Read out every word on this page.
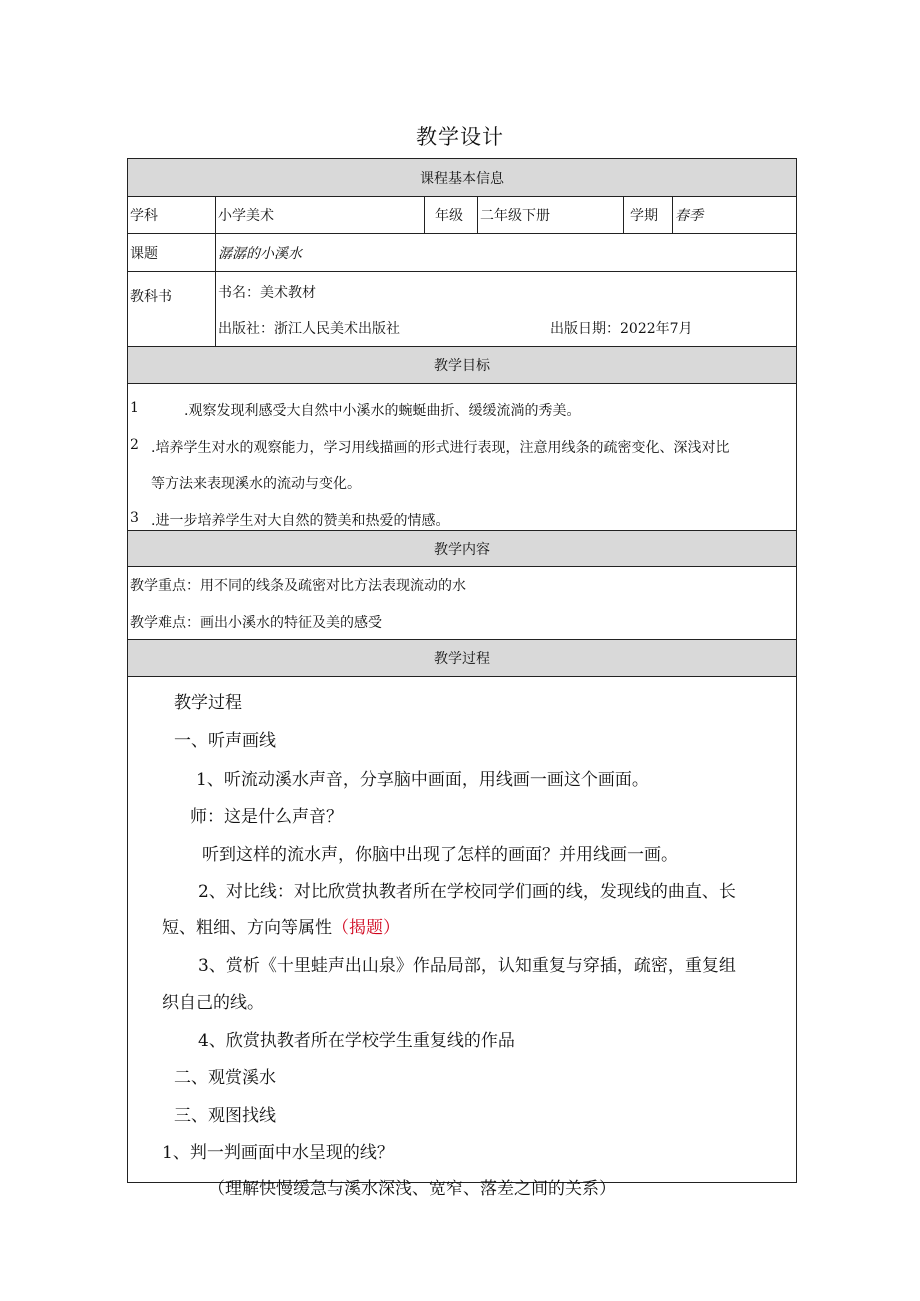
教学设计
课程基本信息
学科	小学美术	年级	二年级下册	学期	春季
课题	潺潺的小溪水
教科书	书名：美术教材
出版社：浙江人民美术出版社	出版日期：2022年7月
教学目标
1	.观察发现利感受大自然中小溪水的蜿蜒曲折、缓缓流淌的秀美。
2 .培养学生对水的观察能力，学习用线描画的形式进行表现，注意用线条的疏密变化、深浅对比
等方法来表现溪水的流动与变化。
3 .进一步培养学生对大自然的赞美和热爱的情感。
教学内容
教学重点：用不同的线条及疏密对比方法表现流动的水
教学难点：画出小溪水的特征及美的感受
教学过程
教学过程
一、听声画线
1、听流动溪水声音，分享脑中画面，用线画一画这个画面。
师：这是什么声音？
听到这样的流水声，你脑中出现了怎样的画面？并用线画一画。
2、对比线：对比欣赏执教者所在学校同学们画的线，发现线的曲直、长
短、粗细、方向等属性（揭题）
3、赏析《十里蛙声出山泉》作品局部，认知重复与穿插，疏密，重复组
织自己的线。
4、欣赏执教者所在学校学生重复线的作品
二、观赏溪水
三、观图找线
1、判一判画面中水呈现的线？
（理解快慢缓急与溪水深浅、宽窄、落差之间的关系）
